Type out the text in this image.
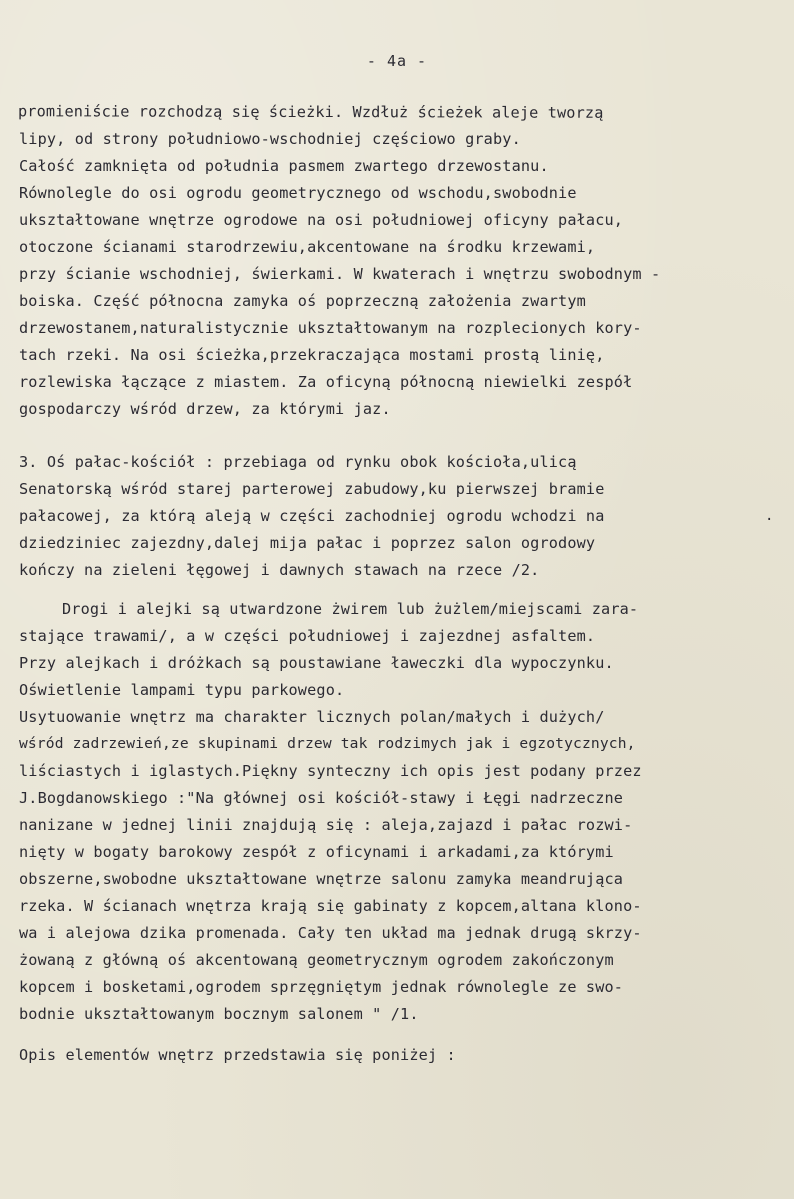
- 4a -
promieniście rozchodzą się ścieżki. Wzdłuż ścieżek aleje tworzą
lipy, od strony południowo-wschodniej częściowo graby.
Całość zamknięta od południa pasmem zwartego drzewostanu.
Równolegle do osi ogrodu geometrycznego od wschodu,swobodnie
ukształtowane wnętrze ogrodowe na osi południowej oficyny pałacu,
otoczone ścianami starodrzewiu,akcentowane na środku krzewami,
przy ścianie wschodniej, świerkami. W kwaterach i wnętrzu swobodnym -
boiska. Część północna zamyka oś poprzeczną założenia zwartym
drzewostanem,naturalistycznie ukształtowanym na rozplecionych kory-
tach rzeki. Na osi ścieżka,przekraczająca mostami prostą linię,
rozlewiska łączące z miastem. Za oficyną północną niewielki zespół
gospodarczy wśród drzew, za którymi jaz.
3. Oś pałac-kościół : przebiaga od rynku obok kościoła,ulicą
Senatorską wśród starej parterowej zabudowy,ku pierwszej bramie
pałacowej, za którą aleją w części zachodniej ogrodu wchodzi na
dziedziniec zajezdny,dalej mija pałac i poprzez salon ogrodowy
kończy na zieleni łęgowej i dawnych stawach na rzece /2.
Drogi i alejki są utwardzone żwirem lub żużlem/miejscami zara-
stające trawami/, a w części południowej i zajezdnej asfaltem.
Przy alejkach i dróżkach są poustawiane ławeczki dla wypoczynku.
Oświetlenie lampami typu parkowego.
Usytuowanie wnętrz ma charakter licznych polan/małych i dużych/
wśród zadrzewień,ze skupinami drzew tak rodzimych jak i egzotycznych,
liściastych i iglastych.Piękny synteczny ich opis jest podany przez
J.Bogdanowskiego :"Na głównej osi kościół-stawy i Łęgi nadrzeczne
nanizane w jednej linii znajdują się : aleja,zajazd i pałac rozwi-
nięty w bogaty barokowy zespół z oficynami i arkadami,za którymi
obszerne,swobodne ukształtowane wnętrze salonu zamyka meandrująca
rzeka. W ścianach wnętrza krają się gabinaty z kopcem,altana klono-
wa i alejowa dzika promenada. Cały ten układ ma jednak drugą skrzy-
żowaną z główną oś akcentowaną geometrycznym ogrodem zakończonym
kopcem i bosketami,ogrodem sprzęgniętym jednak równolegle ze swo-
bodnie ukształtowanym bocznym salonem " /1.
Opis elementów wnętrz przedstawia się poniżej :
·
